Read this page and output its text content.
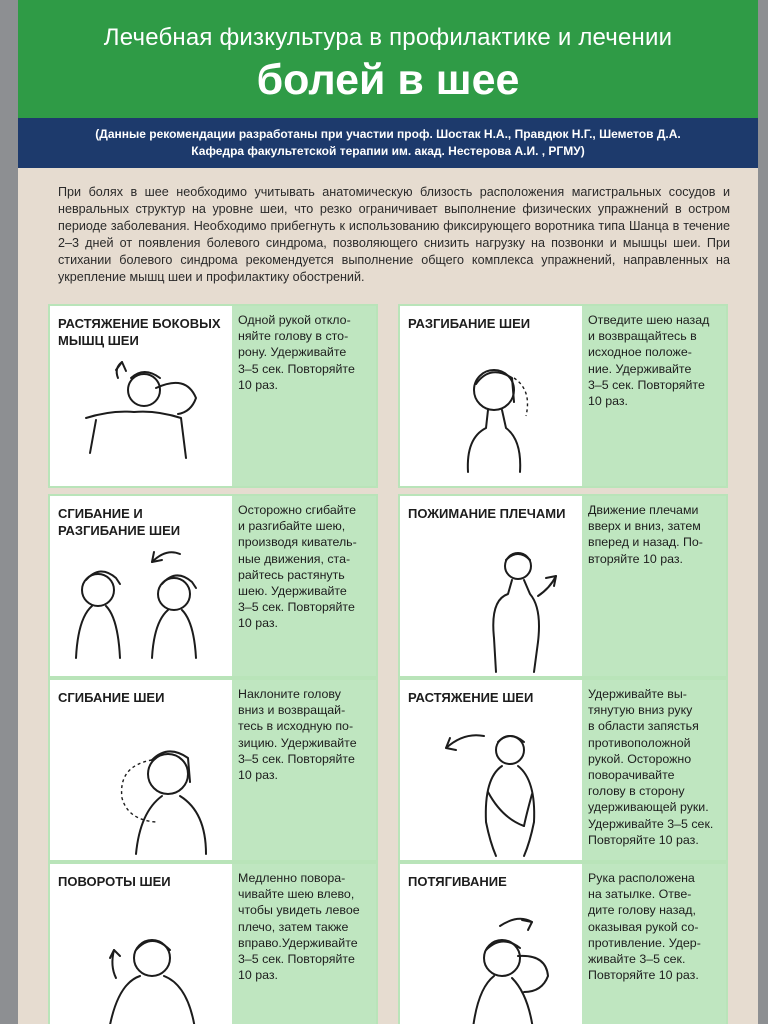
Лечебная физкультура в профилактике и лечении
болей в шее
(Данные рекомендации разработаны при участии проф. Шостак Н.А., Правдюк Н.Г., Шеметов Д.А.
Кафедра факультетской терапии им. акад. Нестерова А.И. , РГМУ)
При болях в шее необходимо учитывать анатомическую близость расположения магистральных сосудов и невральных структур на уровне шеи, что резко ограничивает выполнение физических упражнений в остром периоде заболевания. Необходимо прибегнуть к использованию фиксирующего воротника типа Шанца в течение 2–3 дней от появления болевого синдрома, позволяющего снизить нагрузку на позвонки и мышцы шеи. При стихании болевого синдрома рекомендуется выполнение общего комплекса упражнений, направленных на укрепление мышц шеи и профилактику обострений.
РАСТЯЖЕНИЕ БОКОВЫХ МЫШЦ ШЕИ
Одной рукой откло-
няйте голову в сто-
рону. Удерживайте
3–5 сек. Повторяйте
10 раз.
РАЗГИБАНИЕ ШЕИ	Отведите шею назад
и возвращайтесь в
исходное положе-
ние. Удерживайте
3–5 сек. Повторяйте
10 раз.
СГИБАНИЕ И РАЗГИБАНИЕ ШЕИ
Осторожно сгибайте
и разгибайте шею,
производя киватель-
ные движения, ста-
райтесь растянуть
шею. Удерживайте
3–5 сек. Повторяйте
10 раз.
ПОЖИМАНИЕ ПЛЕЧАМИ	Движение плечами
вверх и вниз, затем
вперед и назад. По-
вторяйте 10 раз.
СГИБАНИЕ ШЕИ	Наклоните голову
вниз и возвращай-
тесь в исходную по-
зицию. Удерживайте
3–5 сек. Повторяйте
10 раз.
РАСТЯЖЕНИЕ ШЕИ	Удерживайте вы-
тянутую вниз руку
в области запястья
противоположной
рукой. Осторожно
поворачивайте
голову в сторону
удерживающей руки.
Удерживайте 3–5 сек.
Повторяйте 10 раз.
ПОВОРОТЫ ШЕИ	Медленно повора-
чивайте шею влево,
чтобы увидеть левое
плечо, затем также
вправо.Удерживайте
3–5 сек. Повторяйте
10 раз.
ПОТЯГИВАНИЕ	Рука расположена
на затылке. Отве-
дите голову назад,
оказывая рукой со-
противление. Удер-
живайте 3–5 сек.
Повторяйте 10 раз.
